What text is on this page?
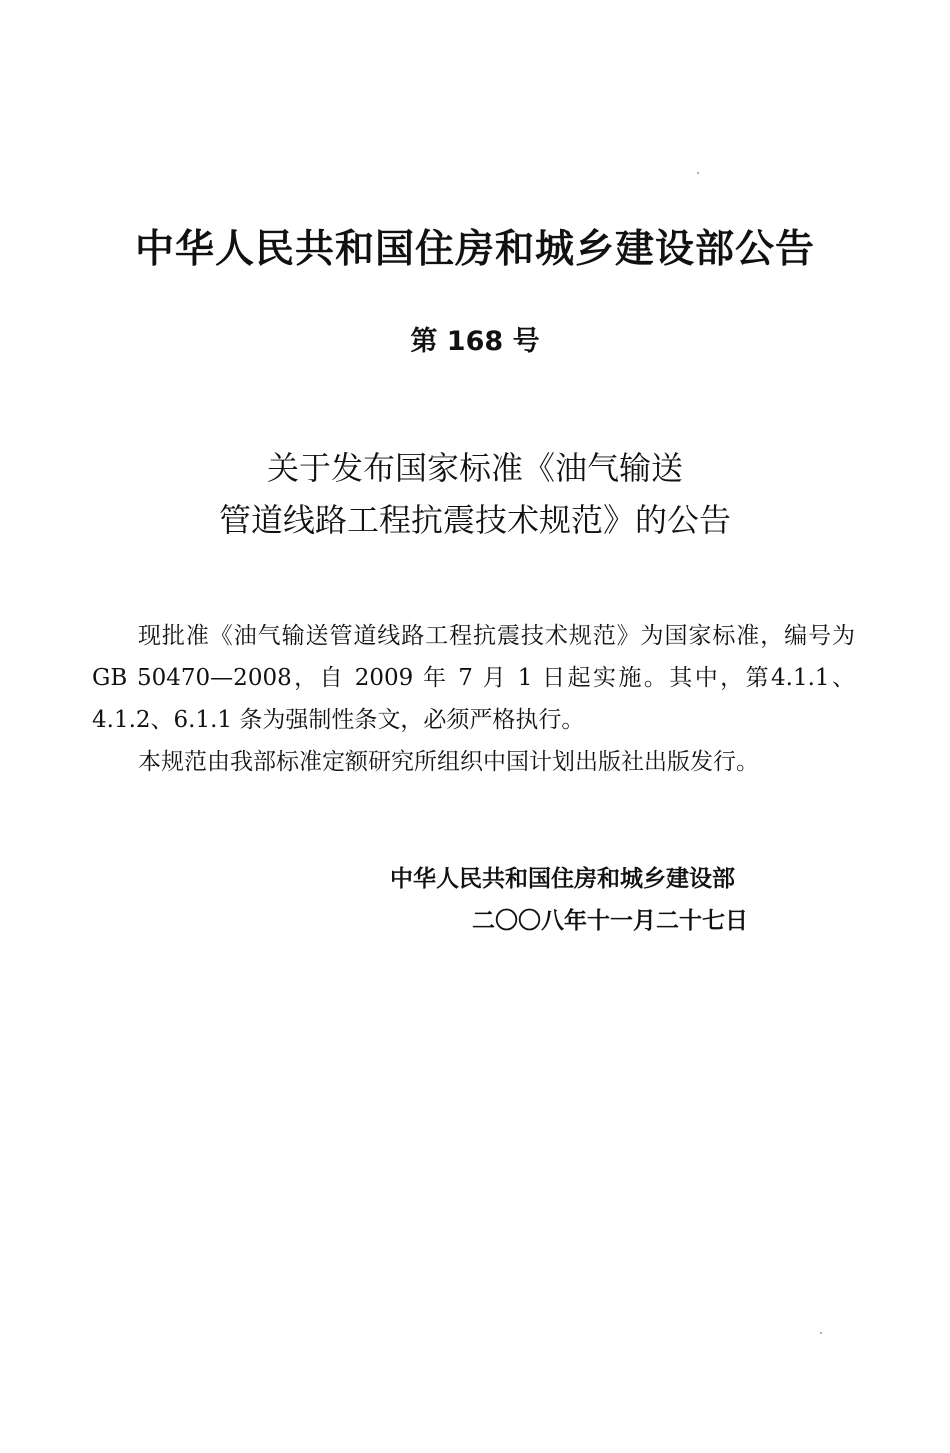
中华人民共和国住房和城乡建设部公告
第 168 号
关于发布国家标准《油气输送
管道线路工程抗震技术规范》的公告

现批准《油气输送管道线路工程抗震技术规范》为国家标准，编号为GB 50470—2008，自 2009 年 7 月 1 日起实施。其中，第4.1.1、4.1.2、6.1.1 条为强制性条文，必须严格执行。

本规范由我部标准定额研究所组织中国计划出版社出版发行。

中华人民共和国住房和城乡建设部
二〇〇八年十一月二十七日
